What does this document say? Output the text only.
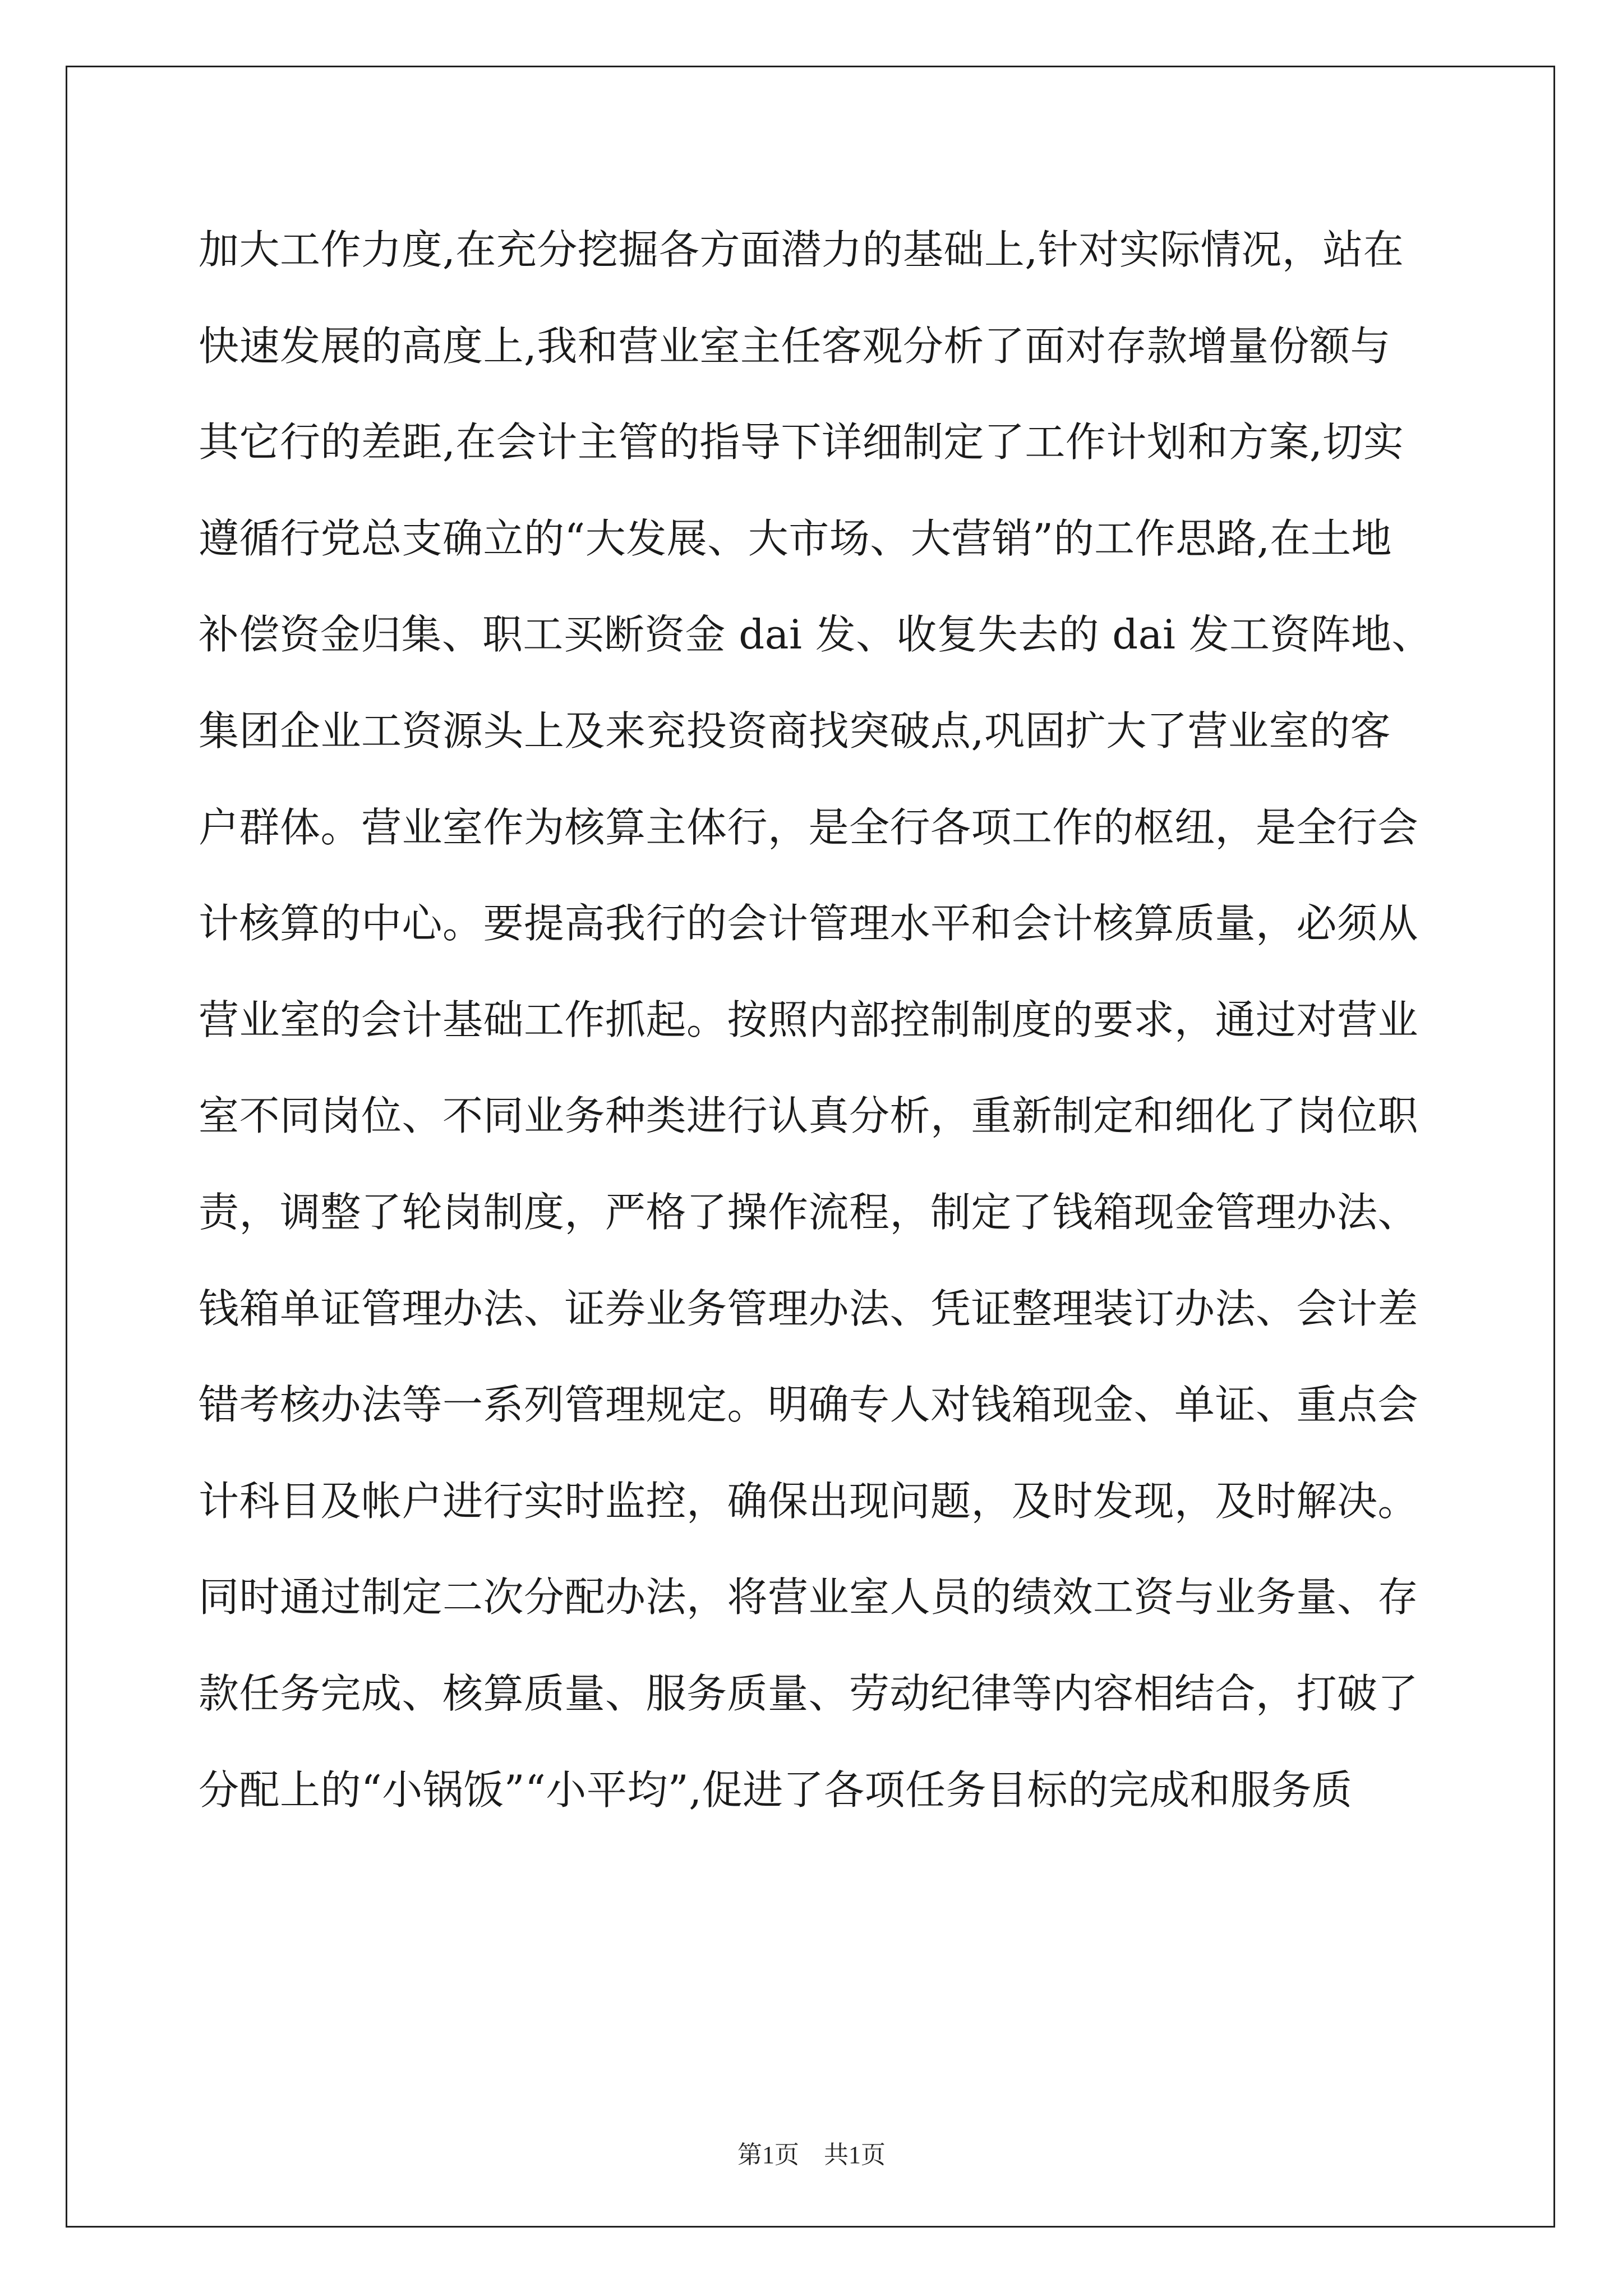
加大工作力度,在充分挖掘各方面潜力的基础上,针对实际情况，站在
快速发展的高度上,我和营业室主任客观分析了面对存款增量份额与
其它行的差距,在会计主管的指导下详细制定了工作计划和方案,切实
遵循行党总支确立的“大发展、大市场、大营销”的工作思路,在土地
补偿资金归集、职工买断资金 dai 发、收复失去的 dai 发工资阵地、
集团企业工资源头上及来兖投资商找突破点,巩固扩大了营业室的客
户群体。营业室作为核算主体行，是全行各项工作的枢纽，是全行会
计核算的中心。要提高我行的会计管理水平和会计核算质量，必须从
营业室的会计基础工作抓起。按照内部控制制度的要求，通过对营业
室不同岗位、不同业务种类进行认真分析，重新制定和细化了岗位职
责，调整了轮岗制度，严格了操作流程，制定了钱箱现金管理办法、
钱箱单证管理办法、证券业务管理办法、凭证整理装订办法、会计差
错考核办法等一系列管理规定。明确专人对钱箱现金、单证、重点会
计科目及帐户进行实时监控，确保出现问题，及时发现，及时解决。
同时通过制定二次分配办法，将营业室人员的绩效工资与业务量、存
款任务完成、核算质量、服务质量、劳动纪律等内容相结合，打破了
分配上的“小锅饭”“小平均”,促进了各项任务目标的完成和服务质
第1页　共1页
